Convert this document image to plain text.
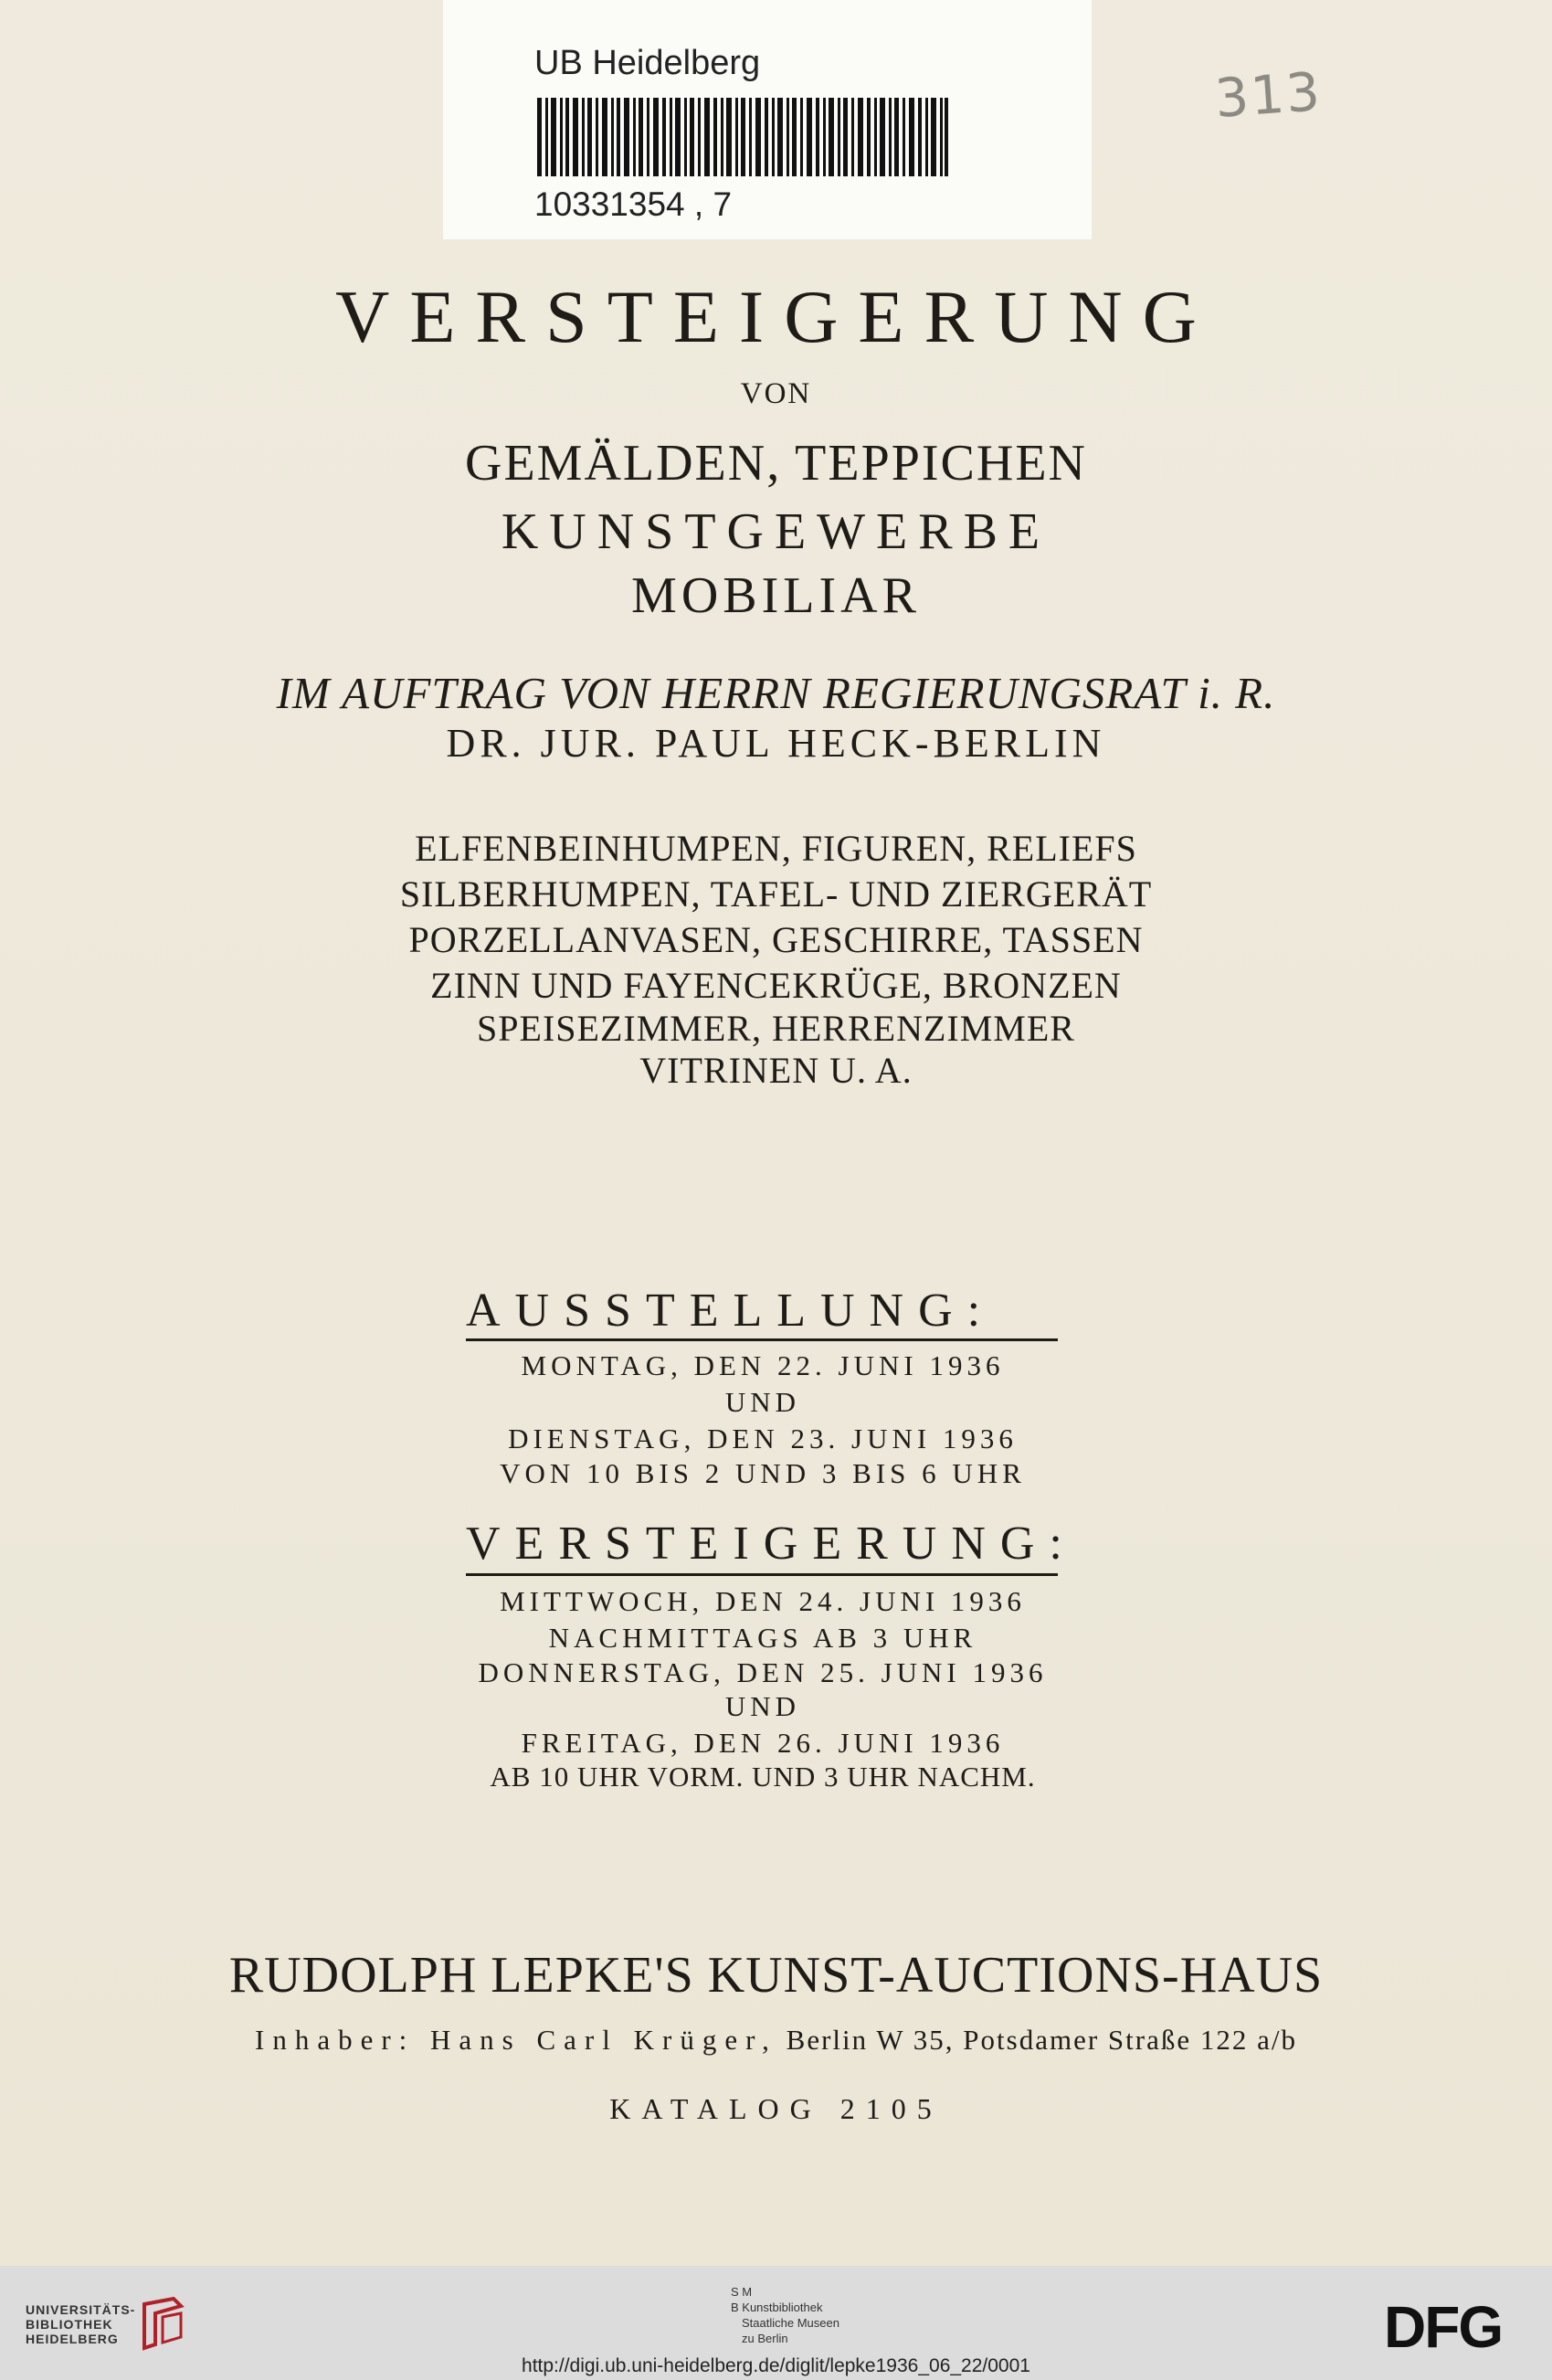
UB Heidelberg
10331354 , 7
313
VERSTEIGERUNG
VON
GEMÄLDEN, TEPPICHEN
KUNSTGEWERBE
MOBILIAR
IM AUFTRAG VON HERRN REGIERUNGSRAT i. R.
DR. JUR. PAUL HECK-BERLIN
ELFENBEINHUMPEN, FIGUREN, RELIEFS
SILBERHUMPEN, TAFEL- UND ZIERGERÄT
PORZELLANVASEN, GESCHIRRE, TASSEN
ZINN UND FAYENCEKRÜGE, BRONZEN
SPEISEZIMMER, HERRENZIMMER
VITRINEN U. A.
AUSSTELLUNG:
MONTAG, DEN 22. JUNI 1936
UND
DIENSTAG, DEN 23. JUNI 1936
VON 10 BIS 2 UND 3 BIS 6 UHR
VERSTEIGERUNG:
MITTWOCH, DEN 24. JUNI 1936
NACHMITTAGS AB 3 UHR
DONNERSTAG, DEN 25. JUNI 1936
UND
FREITAG, DEN 26. JUNI 1936
AB 10 UHR VORM. UND 3 UHR NACHM.
RUDOLPH LEPKE'S KUNST-AUCTIONS-HAUS
Inhaber: Hans Carl Krüger, Berlin W 35, Potsdamer Straße 122 a/b
KATALOG 2105
UNIVERSITÄTS-
BIBLIOTHEK
HEIDELBERG
S M
B Kunstbibliothek
Staatliche Museen
zu Berlin	DFG
http://digi.ub.uni-heidelberg.de/diglit/lepke1936_06_22/0001
